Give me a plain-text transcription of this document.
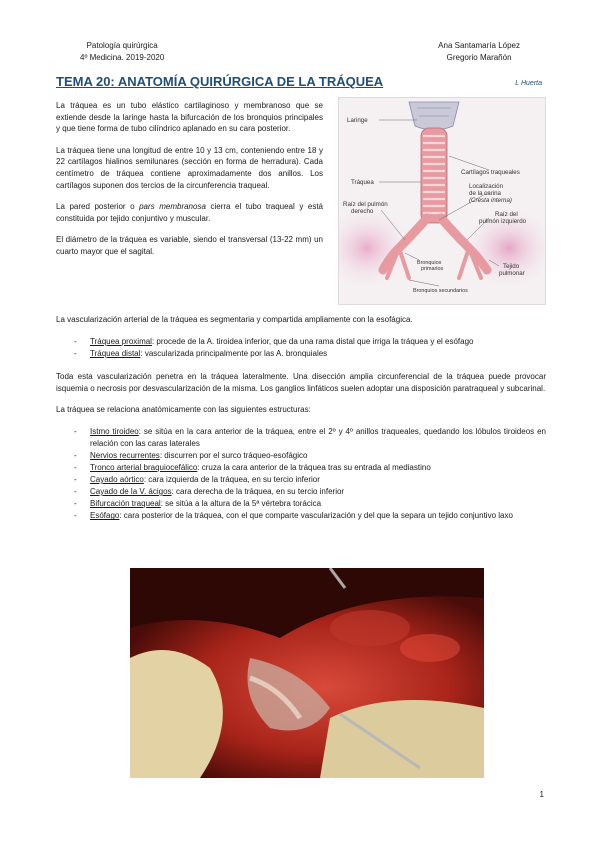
Patología quirúrgica
4º Medicina. 2019-2020
Ana Santamaría López
Gregorio Marañón
TEMA 20: ANATOMÍA QUIRÚRGICA DE LA TRÁQUEA	L Huerta

La tráquea es un tubo elástico cartilaginoso y membranoso que se extiende desde la laringe hasta la bifurcación de los bronquios principales y que tiene forma de tubo cilíndrico aplanado en su cara posterior.

La tráquea tiene una longitud de entre 10 y 13 cm, conteniendo entre 18 y 22 cartílagos hialinos semilunares (sección en forma de herradura). Cada centímetro de tráquea contiene aproximadamente dos anillos. Los cartílagos suponen dos tercios de la circunferencia traqueal.

La pared posterior o pars membranosa cierra el tubo traqueal y está constituida por tejido conjuntivo y muscular.

El diámetro de la tráquea es variable, siendo el transversal (13-22 mm) un cuarto mayor que el sagital.

Laringe
Cartílagos traqueales
Tráquea
Localización
de la carina
(Cresta interna)
Raíz del pulmón
derecho	Raíz del
pulmón izquierdo
Bronquios
primarios	Tejido
pulmonar
Bronquios secundarios

La vascularización arterial de la tráquea es segmentaria y compartida ampliamente con la esofágica.

- Tráquea proximal: procede de la A. tiroidea inferior, que da una rama distal que irriga la tráquea y el esófago
- Tráquea distal: vascularizada principalmente por las A. bronquiales

Toda esta vascularización penetra en la tráquea lateralmente. Una disección amplia circunferencial de la tráquea puede provocar isquemia o necrosis por desvascularización de la misma. Los ganglios linfáticos suelen adoptar una disposición paratraqueal y subcarinal.

La tráquea se relaciona anatómicamente con las siguientes estructuras:

- Istmo tiroideo: se sitúa en la cara anterior de la tráquea, entre el 2º y 4º anillos traqueales, quedando los lóbulos tiroideos en relación con las caras laterales
- Nervios recurrentes: discurren por el surco tráqueo-esofágico
- Tronco arterial braquiocefálico: cruza la cara anterior de la tráquea tras su entrada al mediastino
- Cayado aórtico: cara izquierda de la tráquea, en su tercio inferior
- Cayado de la V. ácigos: cara derecha de la tráquea, en su tercio inferior
- Bifurcación traqueal: se sitúa a la altura de la 5ª vértebra torácica
- Esófago: cara posterior de la tráquea, con el que comparte vascularización y del que la separa un tejido conjuntivo laxo
1
